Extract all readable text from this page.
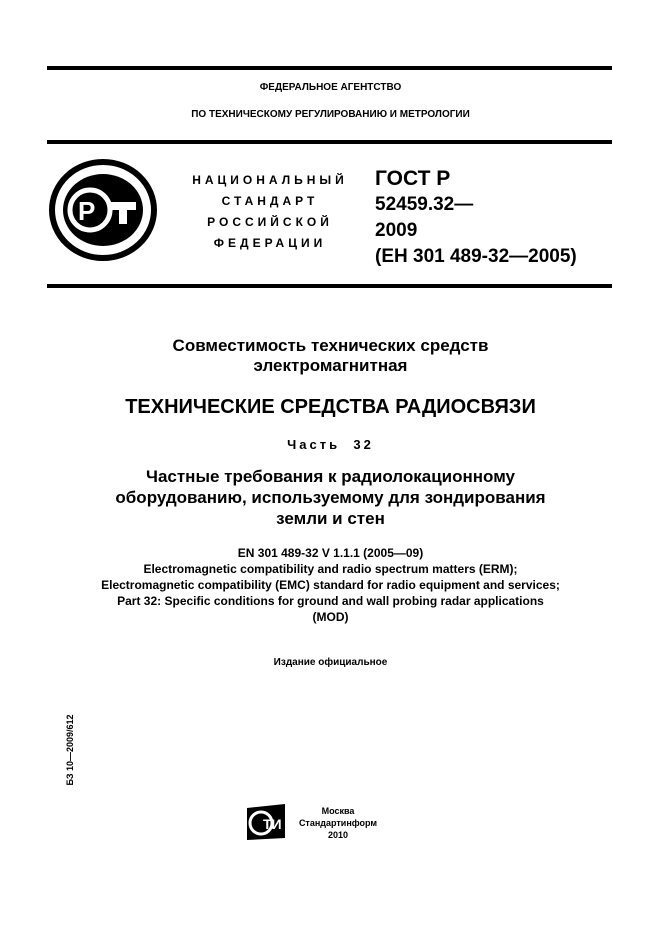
ФЕДЕРАЛЬНОЕ АГЕНТСТВО
ПО ТЕХНИЧЕСКОМУ РЕГУЛИРОВАНИЮ И МЕТРОЛОГИИ
Р
НАЦИОНАЛЬНЫЙ
СТАНДАРТ
РОССИЙСКОЙ
ФЕДЕРАЦИИ
ГОСТ Р
52459.32—
2009
(ЕН 301 489-32—2005)
Совместимость технических средств
электромагнитная
ТЕХНИЧЕСКИЕ СРЕДСТВА РАДИОСВЯЗИ
Часть  32
Частные требования к радиолокационному
оборудованию, используемому для зондирования
земли и стен
EN 301 489-32 V 1.1.1 (2005—09)
Electromagnetic compatibility and radio spectrum matters (ERM);
Electromagnetic compatibility (EMC) standard for radio equipment and services;
Part 32: Specific conditions for ground and wall probing radar applications
(MOD)
Издание официальное
БЗ 10—2009/612
ТИ
Москва
Стандартинформ
2010
